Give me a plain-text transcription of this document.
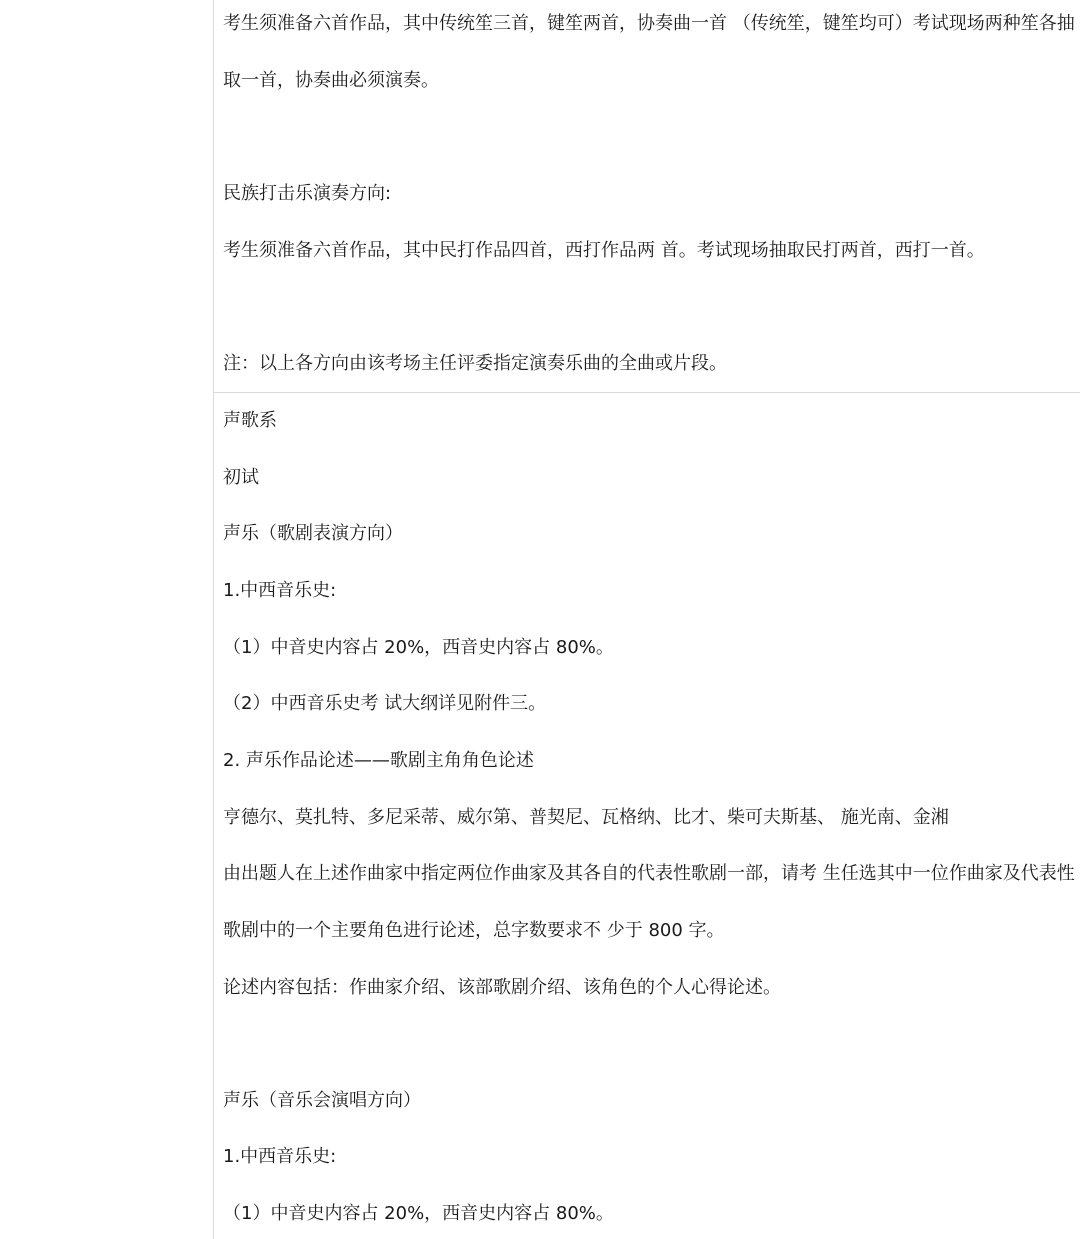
考生须准备六首作品，其中传统笙三首，键笙两首，协奏曲一首 （传统笙，键笙均可）考试现场两种笙各抽
取一首，协奏曲必须演奏。
民族打击乐演奏方向:
考生须准备六首作品，其中民打作品四首，西打作品两 首。考试现场抽取民打两首，西打一首。
注：以上各方向由该考场主任评委指定演奏乐曲的全曲或片段。
声歌系
初试
声乐（歌剧表演方向）
1.中西音乐史:
（1）中音史内容占 20%，西音史内容占 80%。
（2）中西音乐史考 试大纲详见附件三。
2. 声乐作品论述——歌剧主角角色论述
亨德尔、莫扎特、多尼采蒂、威尔第、普契尼、瓦格纳、比才、柴可夫斯基、 施光南、金湘
由出题人在上述作曲家中指定两位作曲家及其各自的代表性歌剧一部，请考 生任选其中一位作曲家及代表性
歌剧中的一个主要角色进行论述，总字数要求不 少于 800 字。
论述内容包括：作曲家介绍、该部歌剧介绍、该角色的个人心得论述。
声乐（音乐会演唱方向）
1.中西音乐史:
（1）中音史内容占 20%，西音史内容占 80%。
